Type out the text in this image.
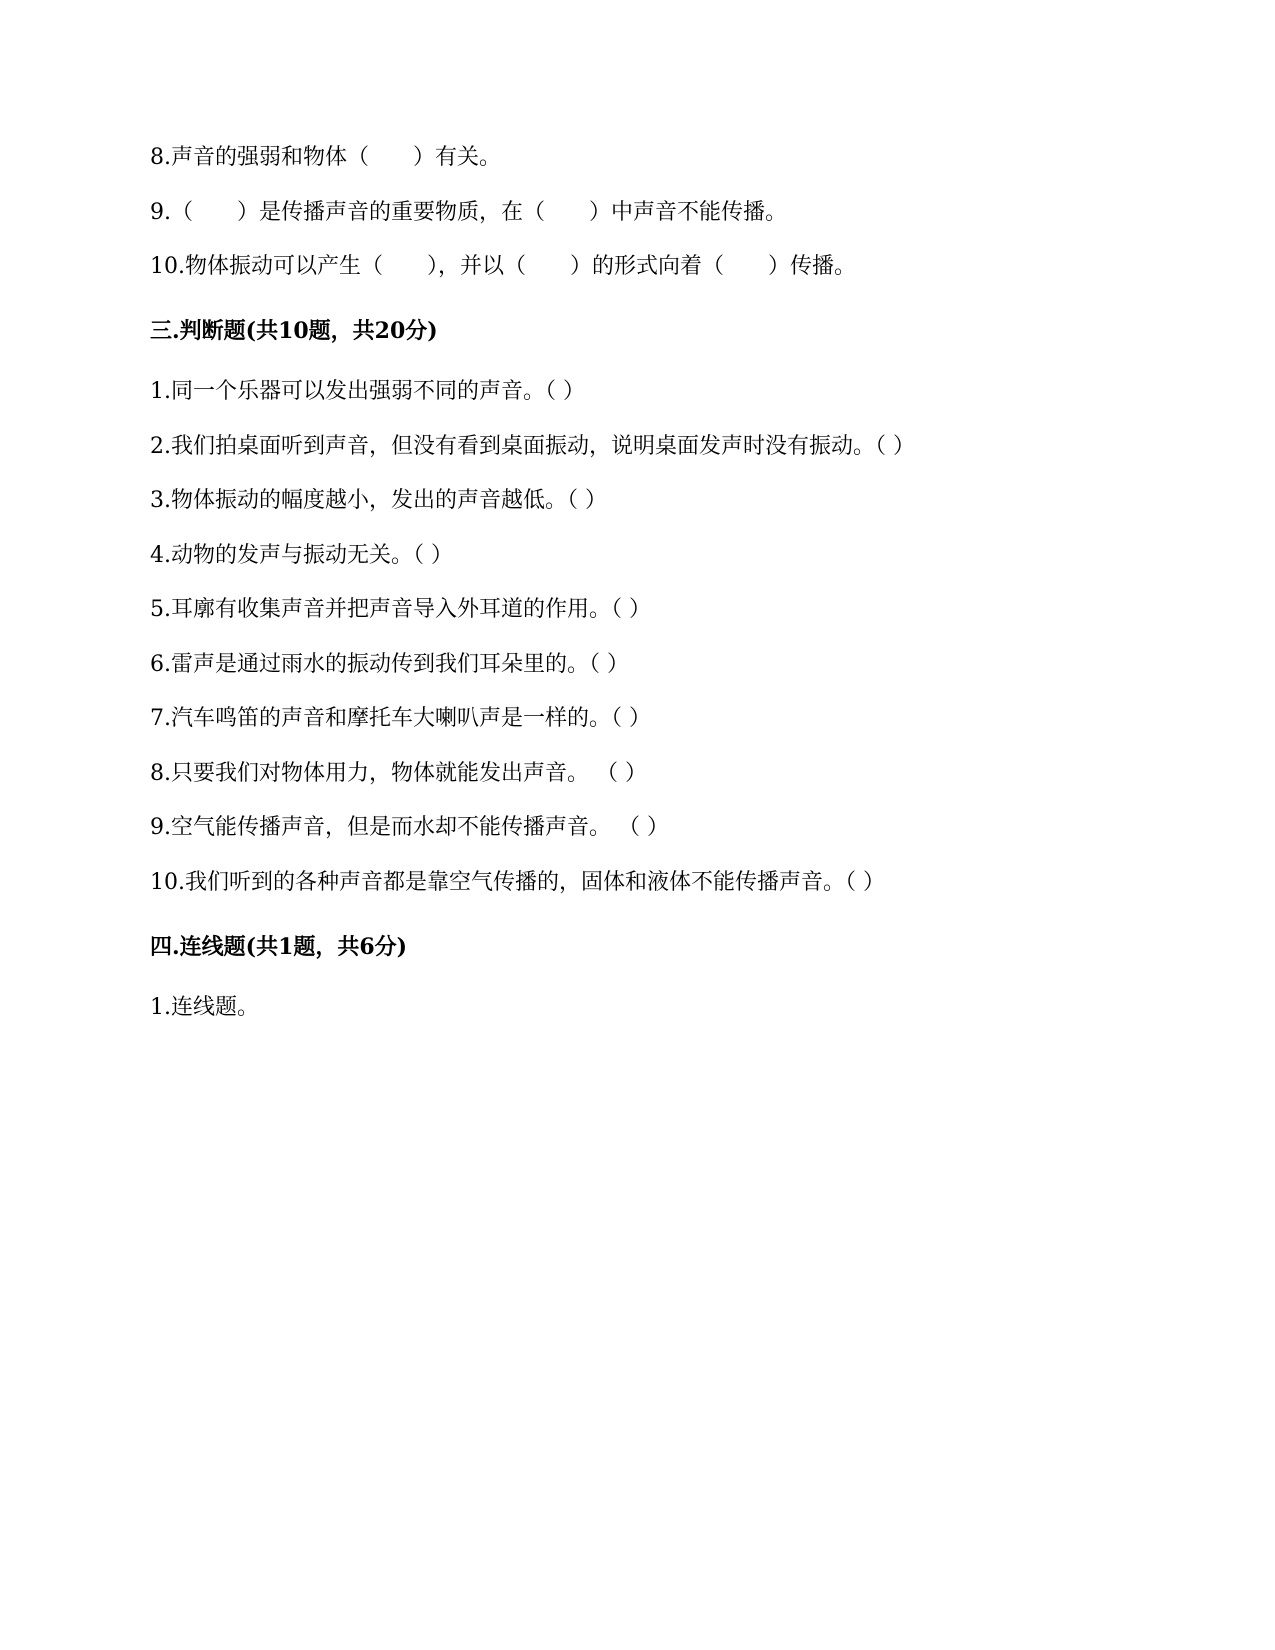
8.声音的强弱和物体（　　）有关。
9.（　　）是传播声音的重要物质，在（　　）中声音不能传播。
10.物体振动可以产生（　　），并以（　　）的形式向着（　　）传播。
三.判断题(共10题，共20分)
1.同一个乐器可以发出强弱不同的声音。（ ）
2.我们拍桌面听到声音，但没有看到桌面振动，说明桌面发声时没有振动。（ ）
3.物体振动的幅度越小，发出的声音越低。（ ）
4.动物的发声与振动无关。（ ）
5.耳廓有收集声音并把声音导入外耳道的作用。（ ）
6.雷声是通过雨水的振动传到我们耳朵里的。（ ）
7.汽车鸣笛的声音和摩托车大喇叭声是一样的。（ ）
8.只要我们对物体用力，物体就能发出声音。 （ ）
9.空气能传播声音，但是而水却不能传播声音。 （ ）
10.我们听到的各种声音都是靠空气传播的，固体和液体不能传播声音。（ ）
四.连线题(共1题，共6分)
1.连线题。
